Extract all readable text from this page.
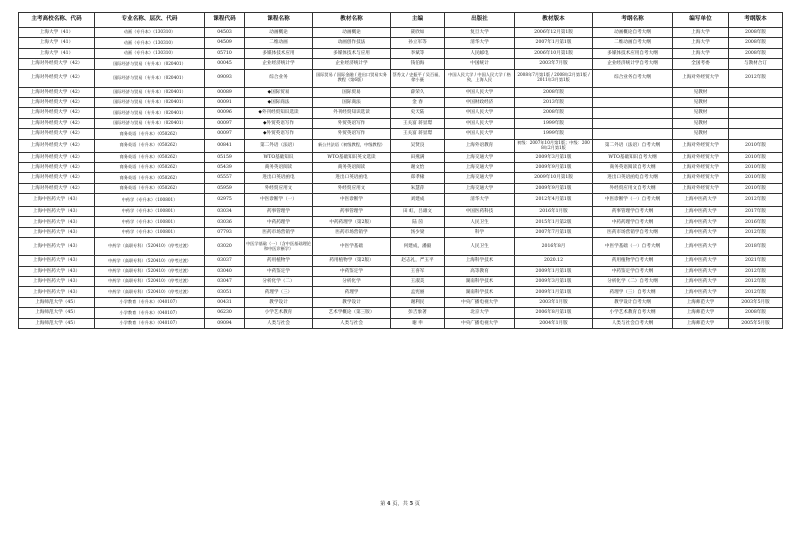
主考高校名称、代码	专业名称、层次、代码	课程代码	课程名称	教材名称	主编	出版社	教材版本	考纲名称	编写单位	考纲版本
上海大学（41）	动画（专升本）（130310）	04503	动画概论	动画概论	聂欣如	复旦大学	2006年12月第1版	动画概论自考大纲	上海大学	2008年版
上海大学（41）	动画（专升本）（130310）	04509	二维动画	动画创作技法	孙立军等	清华大学	2007年1月第1版	二维动画自考大纲	上海大学	2008年版
上海大学（41）	动画（专升本）（130310）	05710	多媒体技术应用	多媒体技术与应用	李斌等	人民邮电	2006年10月第1版	多媒体技术应用自考大纲	上海大学	2008年版
上海对外经贸大学（42）	国际经济与贸易（专升本）（020401）	00045	企业经济统计学	企业经济统计学	钱伯海	中国统计	2003年7月版	企业经济统计学自考大纲	全国考委	与教材合订
上海对外经贸大学（42）	国际经济与贸易（专升本）（020401）	09093	综合业务	国际贸易 / 国际金融 / 进出口贸易实务教程（第6版）	蔡秀文 / 史振平 / 吴百福，徐小薇	中国人民大学 / 中国人民大学 / 格致，上海人民	2008年7月第1版 / 2008年2月第1版 / 2011年3月第1版	综合业务自考大纲	上海对外经贸大学	2012年版
上海对外经贸大学（42）	国际经济与贸易（专升本）（020401）	00089	◆国际贸易	国际贸易	薛荣久	中国人民大学	2008年版		见教材	
上海对外经贸大学（42）	国际经济与贸易（专升本）（020401）	00091	◆国际商法	国际商法	金 春	中国财政经济	2013年版		见教材	
上海对外经贸大学（42）	国际经济与贸易（专升本）（020401）	00096	◆外刊经贸知识选读	外刊经贸知识选读	史天陆	中国人民大学	2008年版		见教材	
上海对外经贸大学（42）	国际经济与贸易（专升本）（020401）	00097	◆外贸英语写作	外贸英语写作	王关富 蒋显璟	中国人民大学	1999年版		见教材	
上海对外经贸大学（42）	商务英语（专升本）（050262）	00097	◆外贸英语写作	外贸英语写作	王关富 蒋显璟	中国人民大学	1999年版		见教材	
上海对外经贸大学（42）	商务英语（专升本）（050262）	00841	第二外语（法语）	新公共法语（初级教程，中级教程）	吴贤良	上海外语教育	初级：2007年10月第1版；中级：2008年2月第1版	第二外语（法语）自考大纲	上海对外经贸大学	2010年版
上海对外经贸大学（42）	商务英语（专升本）（050262）	05159	WTO基础知识	WTO基础知识英文选读	田燕满	上海交通大学	2009年3月第1版	WTO基础知识自考大纲	上海对外经贸大学	2010年版
上海对外经贸大学（42）	商务英语（专升本）（050262）	05439	商务英语阅读	商务英语阅读	谢文怡	上海交通大学	2009年9月第1版	商务英语阅读自考大纲	上海对外经贸大学	2010年版
上海对外经贸大学（42）	商务英语（专升本）（050262）	05557	进出口英语函电	进出口英语函电	郑孝棣	上海交通大学	2009年10月第1版	进出口英语函电自考大纲	上海对外经贸大学	2010年版
上海对外经贸大学（42）	商务英语（专升本）（050262）	05959	外经贸应用文	外经贸应用文	朱慧萍	上海交通大学	2009年9月第1版	外经贸应用文自考大纲	上海对外经贸大学	2010年版
上海中医药大学（43）	中药学（专升本）（100801）	02975	中医诊断学（一）	中医诊断学	刘建成	清华大学	2012年4月第1版	中医诊断学（一）自考大纲	上海中医药大学	2012年版
上海中医药大学（43）	中药学（专升本）（100801）	03034	药事管理学	药事管理学	田 虹，吕雄文	中国医药科技	2016年1月版	药事管理学自考大纲	上海中医药大学	2017年版
上海中医药大学（43）	中药学（专升本）（100801）	03036	中药药理学	中药药理学（第2版）	陆 茵	人民卫生	2015年1月第2版	中药药理学自考大纲	上海中医药大学	2016年版
上海中医药大学（43）	中药学（专升本）（100801）	07793	医药市场营销学	医药市场营销学	汤少梁	科学	2007年7月第1版	医药市场营销学自考大纲	上海中医药大学	2012年版
上海中医药大学（43）	中药学（高职专科）（520410）（停考过渡）	03020	中医学基础（一）（含中医基础理论和中医诊断学）	中医学基础	何建成，潘毅	人民卫生	2016年8月	中医学基础（一）自考大纲	上海中医药大学	2018年版
上海中医药大学（43）	中药学（高职专科）（520410）（停考过渡）	03037	药用植物学	药用植物学（第2版）	赵志礼，严玉平	上海科学技术	2020.12	药用植物学自考大纲	上海中医药大学	2021年版
上海中医药大学（43）	中药学（高职专科）（520410）（停考过渡）	03040	中药鉴定学	中药鉴定学	王喜军	高等教育	2009年1月第1版	中药鉴定学自考大纲	上海中医药大学	2012年版
上海中医药大学（43）	中药学（高职专科）（520410）（停考过渡）	03047	分析化学（二）	分析化学	王淑美	湖南科学技术	2009年3月第1版	分析化学（二）自考大纲	上海中医药大学	2012年版
上海中医药大学（43）	中药学（高职专科）（520410）（停考过渡）	03051	药理学（三）	药理学	孟宪丽	湖南科学技术	2009年1月第1版	药理学（三）自考大纲	上海中医药大学	2012年版
上海师范大学（45）	小学教育（专升本）（040107）	00431	教学设计	教学设计	谢利民	中央广播电视大学	2003年1月版	教学设计自考大纲	上海师范大学	2003年5月版
上海师范大学（45）	小学教育（专升本）（040107）	06230	小学艺术教育	艺术学概论（第三版）	彭吉象著	北京大学	2006年8月第1版	小学艺术教育自考大纲	上海师范大学	2008年版
上海师范大学（45）	小学教育（专升本）（040107）	09094	人类与社会	人类与社会	谢 申	中央广播电视大学	2004年1月版	人类与社会自考大纲	上海师范大学	2005年5月版
第 4 页，共 5 页
